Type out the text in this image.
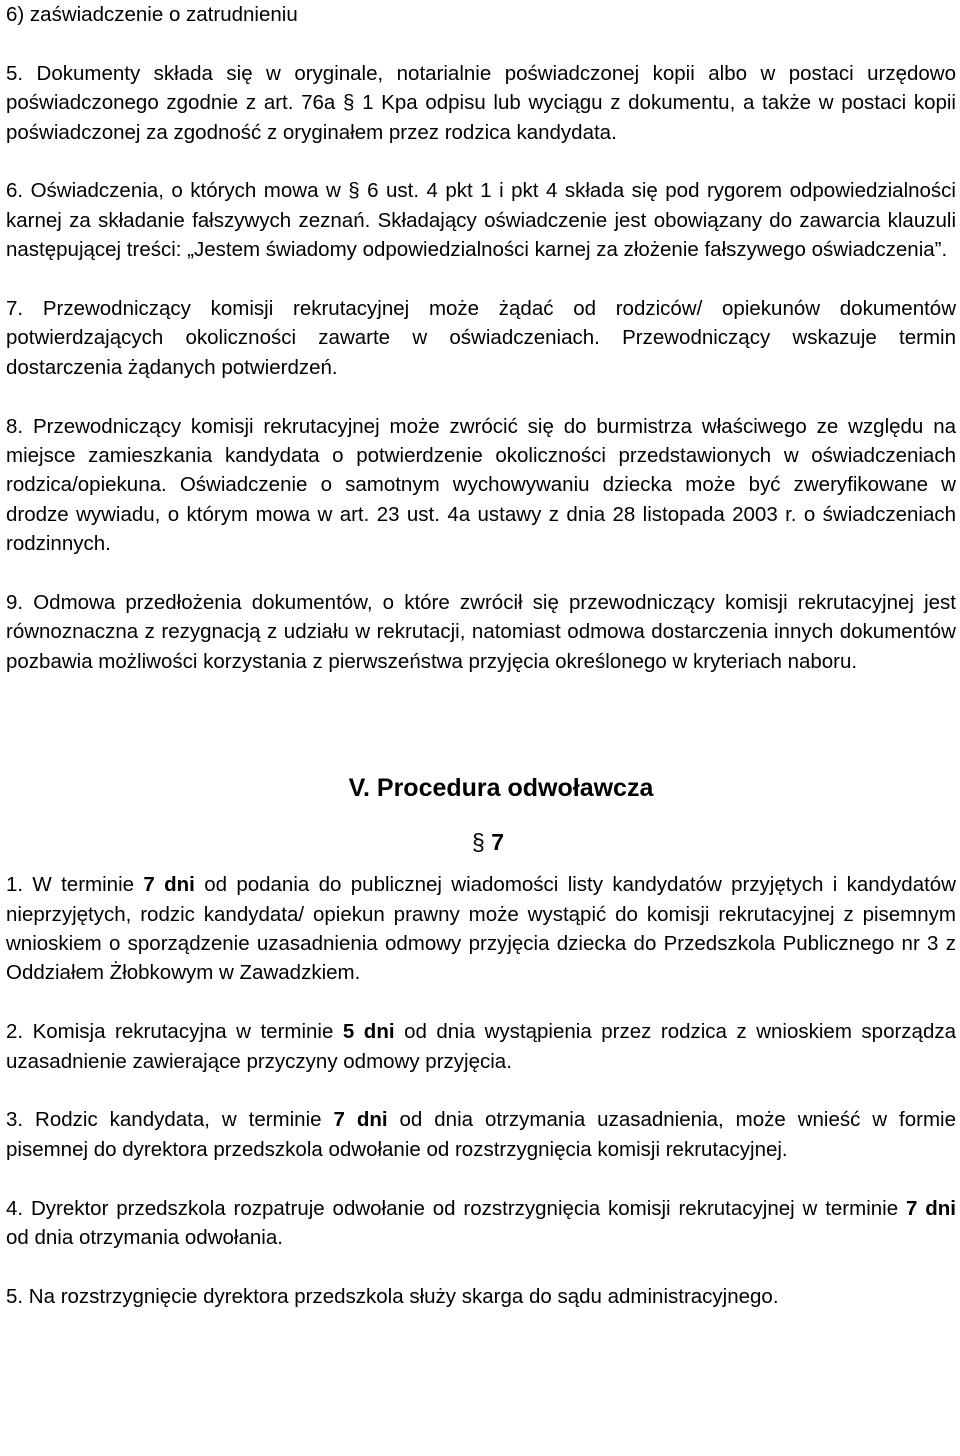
6) zaświadczenie o zatrudnieniu

5. Dokumenty składa się w oryginale, notarialnie poświadczonej kopii albo w postaci urzędowo poświadczonego zgodnie z art. 76a § 1 Kpa odpisu lub wyciągu z dokumentu, a także w postaci kopii poświadczonej za zgodność z oryginałem przez rodzica kandydata.

6. Oświadczenia, o których mowa w § 6 ust. 4 pkt 1 i pkt 4 składa się pod rygorem odpowiedzialności karnej za składanie fałszywych zeznań. Składający oświadczenie jest obowiązany do zawarcia klauzuli następującej treści: „Jestem świadomy odpowiedzialności karnej za złożenie fałszywego oświadczenia”.

7. Przewodniczący komisji rekrutacyjnej może żądać od rodziców/ opiekunów dokumentów potwierdzających okoliczności zawarte w oświadczeniach. Przewodniczący wskazuje termin dostarczenia żądanych potwierdzeń.

8. Przewodniczący komisji rekrutacyjnej może zwrócić się do burmistrza właściwego ze względu na miejsce zamieszkania kandydata o potwierdzenie okoliczności przedstawionych w oświadczeniach rodzica/opiekuna. Oświadczenie o samotnym wychowywaniu dziecka może być zweryfikowane w drodze wywiadu, o którym mowa w art. 23 ust. 4a ustawy z dnia 28 listopada 2003 r. o świadczeniach rodzinnych.

9. Odmowa przedłożenia dokumentów, o które zwrócił się przewodniczący komisji rekrutacyjnej jest równoznaczna z rezygnacją z udziału w rekrutacji, natomiast odmowa dostarczenia innych dokumentów pozbawia możliwości korzystania z pierwszeństwa przyjęcia określonego w kryteriach naboru.

V. Procedura odwoławcza
§ 7

1. W terminie 7 dni od podania do publicznej wiadomości listy kandydatów przyjętych i kandydatów nieprzyjętych, rodzic kandydata/ opiekun prawny może wystąpić do komisji rekrutacyjnej z pisemnym wnioskiem o sporządzenie uzasadnienia odmowy przyjęcia dziecka do Przedszkola Publicznego nr 3 z Oddziałem Żłobkowym w Zawadzkiem.

2. Komisja rekrutacyjna w terminie 5 dni od dnia wystąpienia przez rodzica z wnioskiem sporządza uzasadnienie zawierające przyczyny odmowy przyjęcia.

3. Rodzic kandydata, w terminie 7 dni od dnia otrzymania uzasadnienia, może wnieść w formie pisemnej do dyrektora przedszkola odwołanie od rozstrzygnięcia komisji rekrutacyjnej.

4. Dyrektor przedszkola rozpatruje odwołanie od rozstrzygnięcia komisji rekrutacyjnej w terminie 7 dni od dnia otrzymania odwołania.

5. Na rozstrzygnięcie dyrektora przedszkola służy skarga do sądu administracyjnego.
